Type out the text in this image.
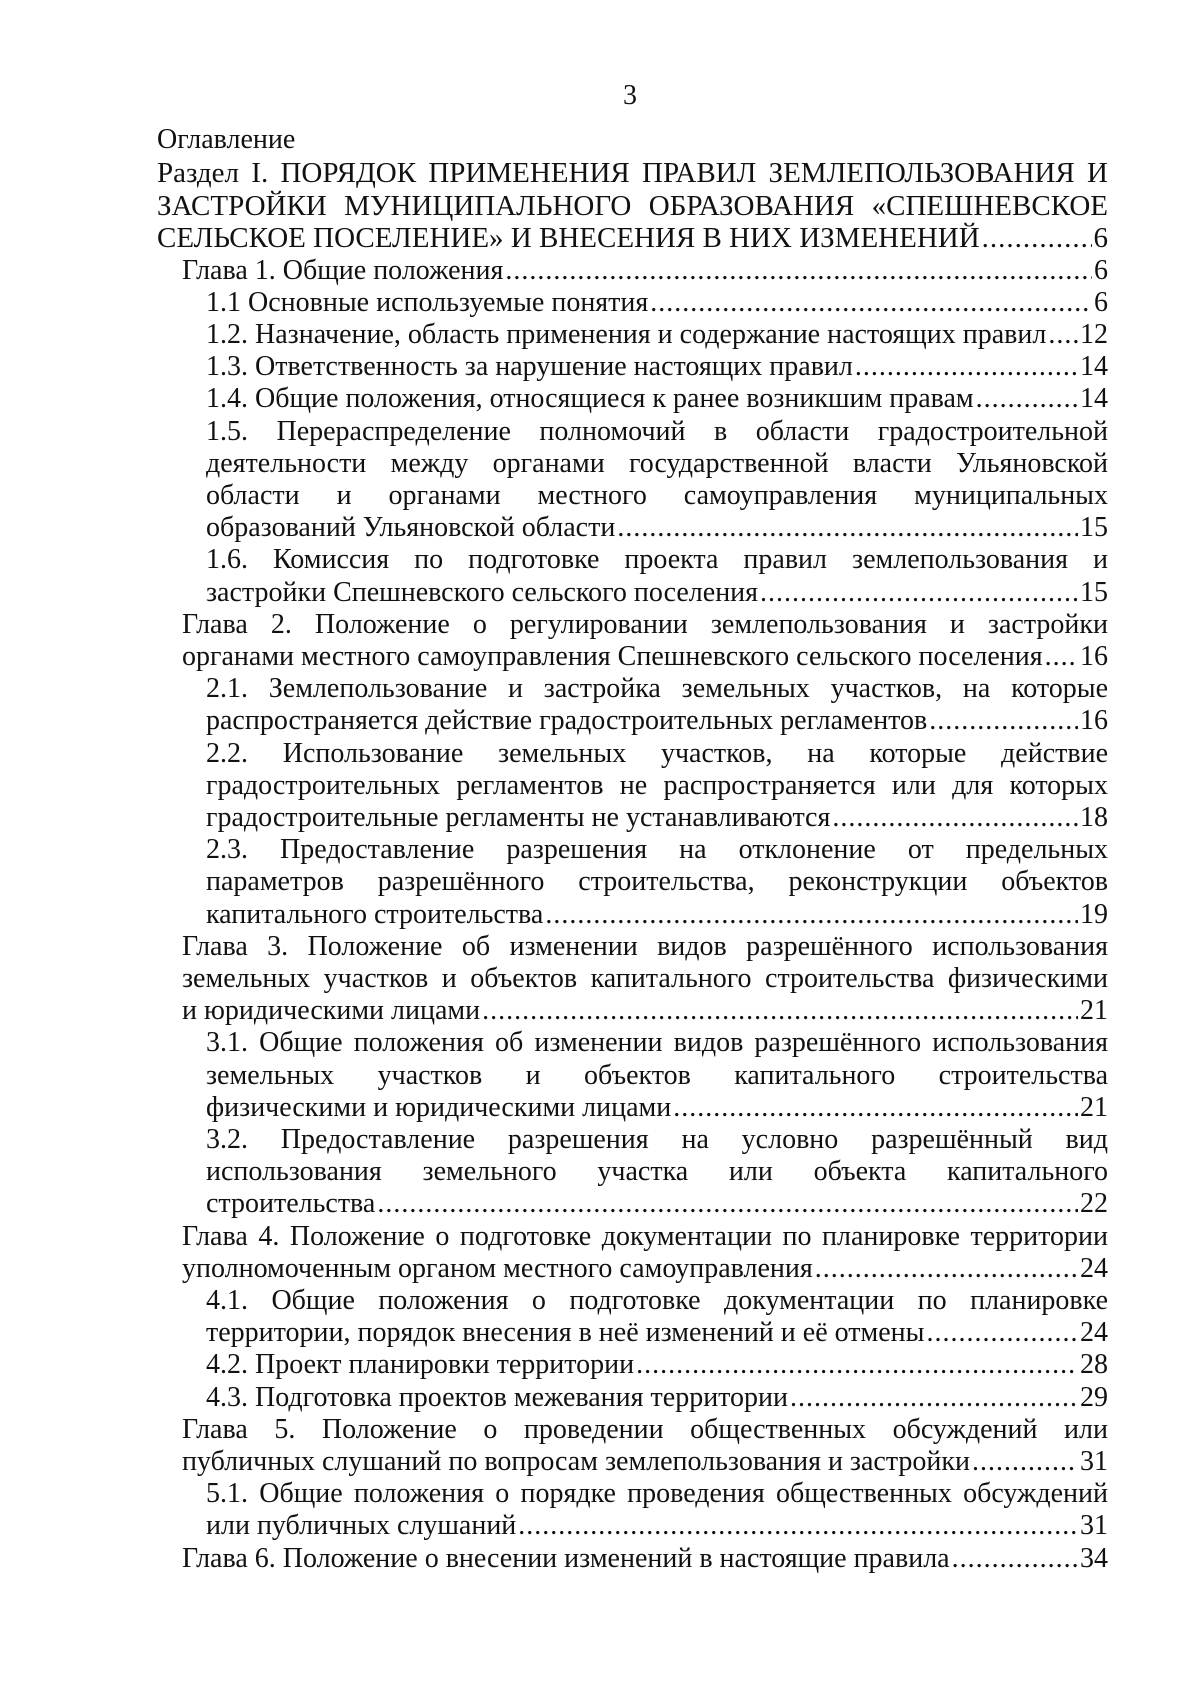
3
Оглавление
Раздел I. ПОРЯДОК ПРИМЕНЕНИЯ ПРАВИЛ ЗЕМЛЕПОЛЬЗОВАНИЯ И
ЗАСТРОЙКИ МУНИЦИПАЛЬНОГО ОБРАЗОВАНИЯ «СПЕШНЕВСКОЕ
СЕЛЬСКОЕ ПОСЕЛЕНИЕ» И ВНЕСЕНИЯ В НИХ ИЗМЕНЕНИЙ .....	6
Глава 1. Общие положения .....	6
1.1 Основные используемые понятия .....	6
1.2. Назначение, область применения и содержание настоящих правил ..... 12
1.3. Ответственность за нарушение настоящих правил .....	14
1.4. Общие положения, относящиеся к ранее возникшим правам .....	14
1.5. Перераспределение полномочий в области градостроительной
деятельности между органами государственной власти Ульяновской
области и органами местного самоуправления муниципальных
образований Ульяновской области .....	15
1.6. Комиссия по подготовке проекта правил землепользования и
застройки Спешневского сельского поселения .....	15
Глава 2. Положение о регулировании землепользования и застройки
органами местного самоуправления Спешневского сельского поселения ..... 16
2.1. Землепользование и застройка земельных участков, на которые
распространяется действие градостроительных регламентов .....	16
2.2. Использование земельных участков, на которые действие
градостроительных регламентов не распространяется или для которых
градостроительные регламенты не устанавливаются .....	18
2.3. Предоставление разрешения на отклонение от предельных
параметров разрешённого строительства, реконструкции объектов
капитального строительства .....	19
Глава 3. Положение об изменении видов разрешённого использования
земельных участков и объектов капитального строительства физическими
и юридическими лицами .....	21
3.1. Общие положения об изменении видов разрешённого использования
земельных участков и объектов капитального строительства
физическими и юридическими лицами .....	21
3.2. Предоставление разрешения на условно разрешённый вид
использования земельного участка или объекта капитального
строительства .....	22
Глава 4. Положение о подготовке документации по планировке территории
уполномоченным органом местного самоуправления .....	24
4.1. Общие положения о подготовке документации по планировке
территории, порядок внесения в неё изменений и её отмены .....	24
4.2. Проект планировки территории .....	28
4.3. Подготовка проектов межевания территории .....	29
Глава 5. Положение о проведении общественных обсуждений или
публичных слушаний по вопросам землепользования и застройки .....	31
5.1. Общие положения о порядке проведения общественных обсуждений
или публичных слушаний .....	31
Глава 6. Положение о внесении изменений в настоящие правила .....	34
